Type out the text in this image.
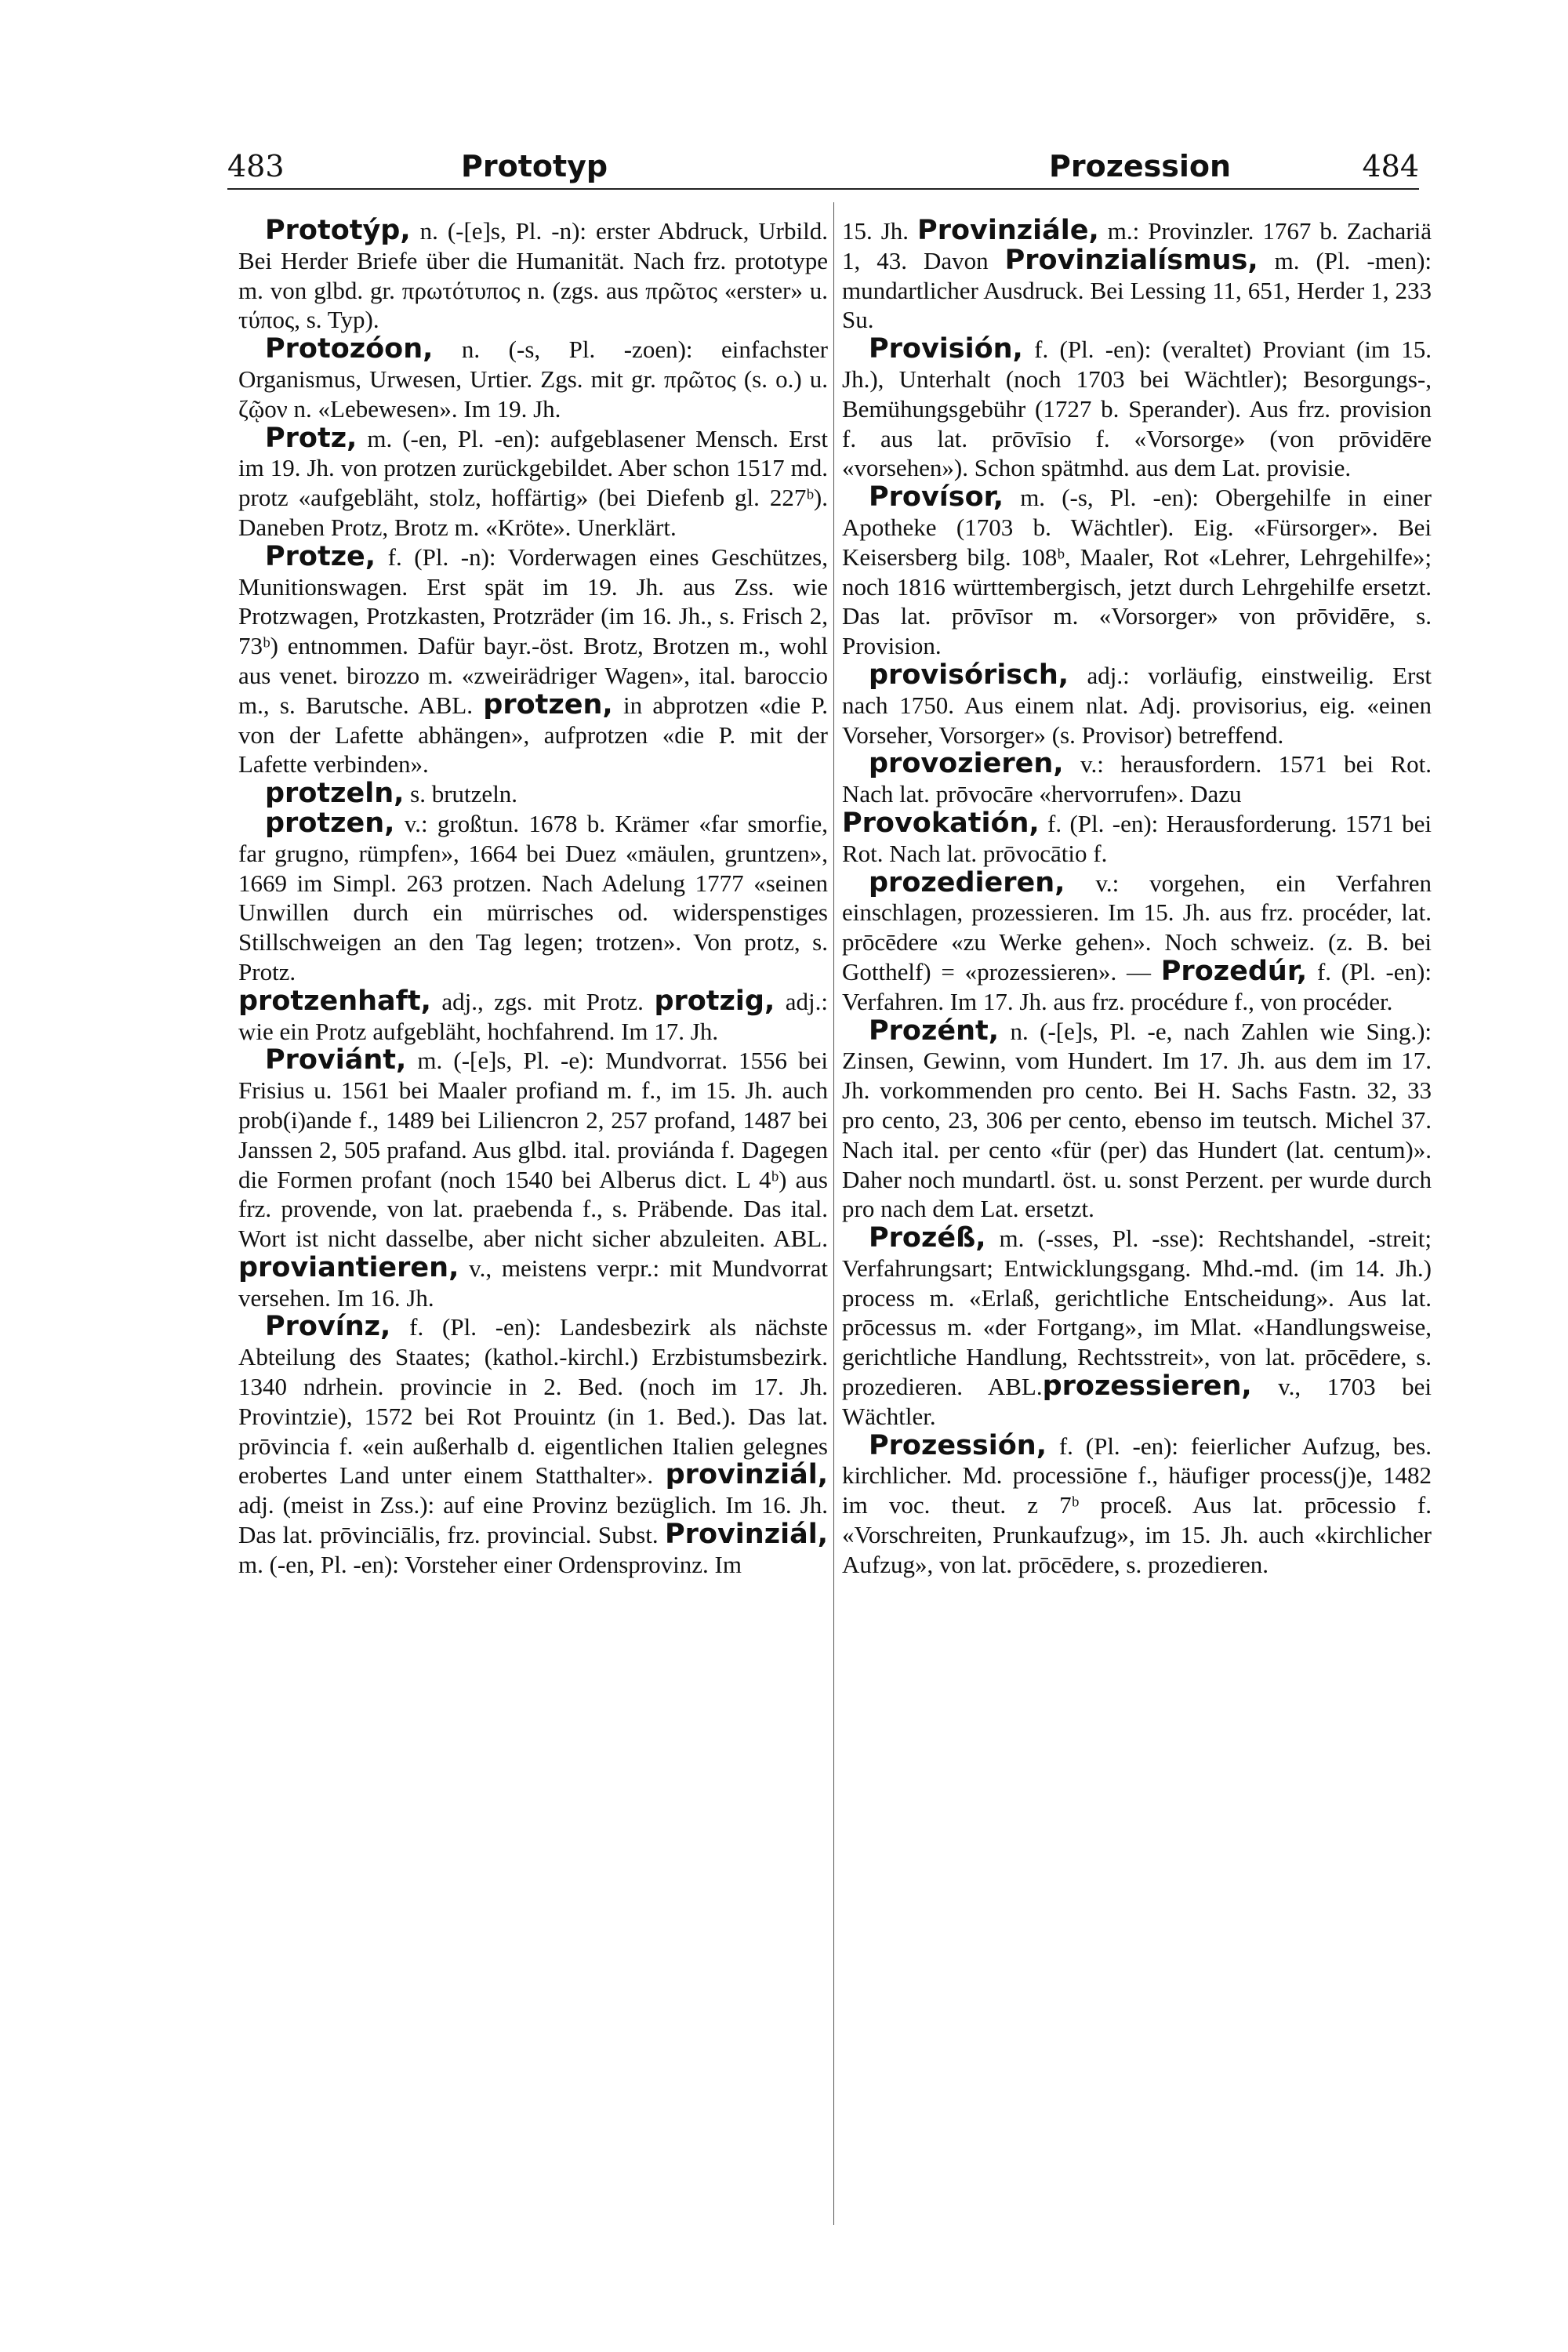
483	Prototyp	Prozession	484

Prototýp, n. (-[e]s, Pl. -n): erster Abdruck, Urbild. Bei Herder Briefe über die Humanität. Nach frz. prototype m. von glbd. gr. πρωτότυπος n. (zgs. aus πρῶτος «erster» u. τύπος, s. Typ).

Protozóon, n. (-s, Pl. -zoen): einfachster Organismus, Urwesen, Urtier. Zgs. mit gr. πρῶτος (s. o.) u. ζῷον n. «Lebewesen». Im 19. Jh.

Protz, m. (-en, Pl. -en): aufgeblasener Mensch. Erst im 19. Jh. von protzen zurückgebildet. Aber schon 1517 md. protz «aufgebläht, stolz, hoffärtig» (bei Diefenb gl. 227ᵇ). Daneben Protz, Brotz m. «Kröte». Unerklärt.

Protze, f. (Pl. -n): Vorderwagen eines Geschützes, Munitionswagen. Erst spät im 19. Jh. aus Zss. wie Protzwagen, Protzkasten, Protzräder (im 16. Jh., s. Frisch 2, 73ᵇ) entnommen. Dafür bayr.-öst. Brotz, Brotzen m., wohl aus venet. birozzo m. «zweirädriger Wagen», ital. baroccio m., s. Barutsche. ABL. protzen, in abprotzen «die P. von der Lafette abhängen», aufprotzen «die P. mit der Lafette verbinden».

protzeln, s. brutzeln.

protzen, v.: großtun. 1678 b. Krämer «far smorfie, far grugno, rümpfen», 1664 bei Duez «mäulen, gruntzen», 1669 im Simpl. 263 protzen. Nach Adelung 1777 «seinen Unwillen durch ein mürrisches od. widerspenstiges Stillschweigen an den Tag legen; trotzen». Von protz, s. Protz.

protzenhaft, adj., zgs. mit Protz. protzig, adj.: wie ein Protz aufgebläht, hochfahrend. Im 17. Jh.

Proviánt, m. (-[e]s, Pl. -e): Mundvorrat. 1556 bei Frisius u. 1561 bei Maaler profiand m. f., im 15. Jh. auch prob(i)ande f., 1489 bei Liliencron 2, 257 profand, 1487 bei Janssen 2, 505 prafand. Aus glbd. ital. proviánda f. Dagegen die Formen profant (noch 1540 bei Alberus dict. L 4ᵇ) aus frz. provende, von lat. praebenda f., s. Präbende. Das ital. Wort ist nicht dasselbe, aber nicht sicher abzuleiten. ABL. proviantieren, v., meistens verpr.: mit Mundvorrat versehen. Im 16. Jh.

Provínz, f. (Pl. -en): Landesbezirk als nächste Abteilung des Staates; (kathol.-kirchl.) Erzbistumsbezirk. 1340 ndrhein. provincie in 2. Bed. (noch im 17. Jh. Provintzie), 1572 bei Rot Prouintz (in 1. Bed.). Das lat. prōvincia f. «ein außerhalb d. eigentlichen Italien gelegnes erobertes Land unter einem Statthalter». provinziál, adj. (meist in Zss.): auf eine Provinz bezüglich. Im 16. Jh. Das lat. prōvinciālis, frz. provincial. Subst. Provinziál, m. (-en, Pl. -en): Vorsteher einer Ordensprovinz. Im

15. Jh. Provinziále, m.: Provinzler. 1767 b. Zachariä 1, 43. Davon Provinzialísmus, m. (Pl. -men): mundartlicher Ausdruck. Bei Lessing 11, 651, Herder 1, 233 Su.

Provisión, f. (Pl. -en): (veraltet) Proviant (im 15. Jh.), Unterhalt (noch 1703 bei Wächtler); Besorgungs-, Bemühungsgebühr (1727 b. Sperander). Aus frz. provision f. aus lat. prōvīsio f. «Vorsorge» (von prōvidēre «vorsehen»). Schon spätmhd. aus dem Lat. provisie.

Provísor, m. (-s, Pl. -en): Obergehilfe in einer Apotheke (1703 b. Wächtler). Eig. «Fürsorger». Bei Keisersberg bilg. 108ᵇ, Maaler, Rot «Lehrer, Lehrgehilfe»; noch 1816 württembergisch, jetzt durch Lehrgehilfe ersetzt. Das lat. prōvīsor m. «Vorsorger» von prōvidēre, s. Provision.

provisórisch, adj.: vorläufig, einstweilig. Erst nach 1750. Aus einem nlat. Adj. provisorius, eig. «einen Vorseher, Vorsorger» (s. Provisor) betreffend.

provozieren, v.: herausfordern. 1571 bei Rot. Nach lat. prōvocāre «hervorrufen». Dazu

Provokatión, f. (Pl. -en): Herausforderung. 1571 bei Rot. Nach lat. prōvocātio f.

prozedieren, v.: vorgehen, ein Verfahren einschlagen, prozessieren. Im 15. Jh. aus frz. procéder, lat. prōcēdere «zu Werke gehen». Noch schweiz. (z. B. bei Gotthelf) = «prozessieren». — Prozedúr, f. (Pl. -en): Verfahren. Im 17. Jh. aus frz. procédure f., von procéder.

Prozént, n. (-[e]s, Pl. -e, nach Zahlen wie Sing.): Zinsen, Gewinn, vom Hundert. Im 17. Jh. aus dem im 17. Jh. vorkommenden pro cento. Bei H. Sachs Fastn. 32, 33 pro cento, 23, 306 per cento, ebenso im teutsch. Michel 37. Nach ital. per cento «für (per) das Hundert (lat. centum)». Daher noch mundartl. öst. u. sonst Perzent. per wurde durch pro nach dem Lat. ersetzt.

Prozéß, m. (-sses, Pl. -sse): Rechtshandel, -streit; Verfahrungsart; Entwicklungsgang. Mhd.-md. (im 14. Jh.) process m. «Erlaß, gerichtliche Entscheidung». Aus lat. prōcessus m. «der Fortgang», im Mlat. «Handlungsweise, gerichtliche Handlung, Rechtsstreit», von lat. prōcēdere, s. prozedieren. ABL.prozessieren, v., 1703 bei Wächtler.

Prozessión, f. (Pl. -en): feierlicher Aufzug, bes. kirchlicher. Md. processiōne f., häufiger process(j)e, 1482 im voc. theut. z 7ᵇ proceß. Aus lat. prōcessio f. «Vorschreiten, Prunkaufzug», im 15. Jh. auch «kirchlicher Aufzug», von lat. prōcēdere, s. prozedieren.
